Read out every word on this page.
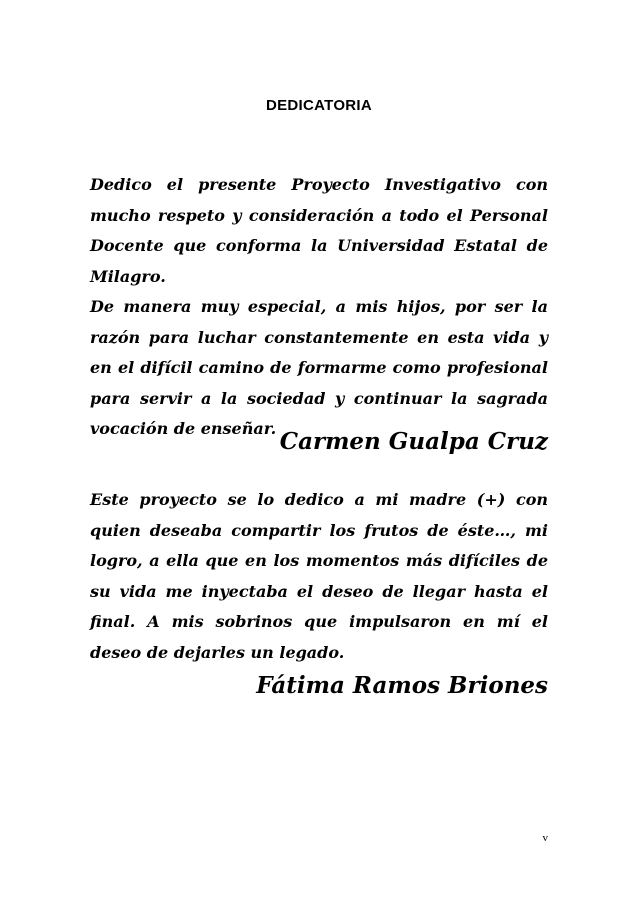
DEDICATORIA

Dedico el presente Proyecto Investigativo con mucho respeto y consideración a todo el Personal Docente que conforma la Universidad Estatal de Milagro.

De manera muy especial, a mis hijos, por ser la razón para luchar constantemente en esta vida y en el difícil camino de formarme como profesional para servir a la sociedad y continuar la sagrada vocación de enseñar. Carmen Gualpa Cruz

Este proyecto se lo dedico a mi madre (+) con quien deseaba compartir los frutos de éste…, mi logro, a ella que en los momentos más difíciles de su vida me inyectaba el deseo de llegar hasta el final. A mis sobrinos que impulsaron en mí el deseo de dejarles un legado.

Fátima Ramos Briones
v
